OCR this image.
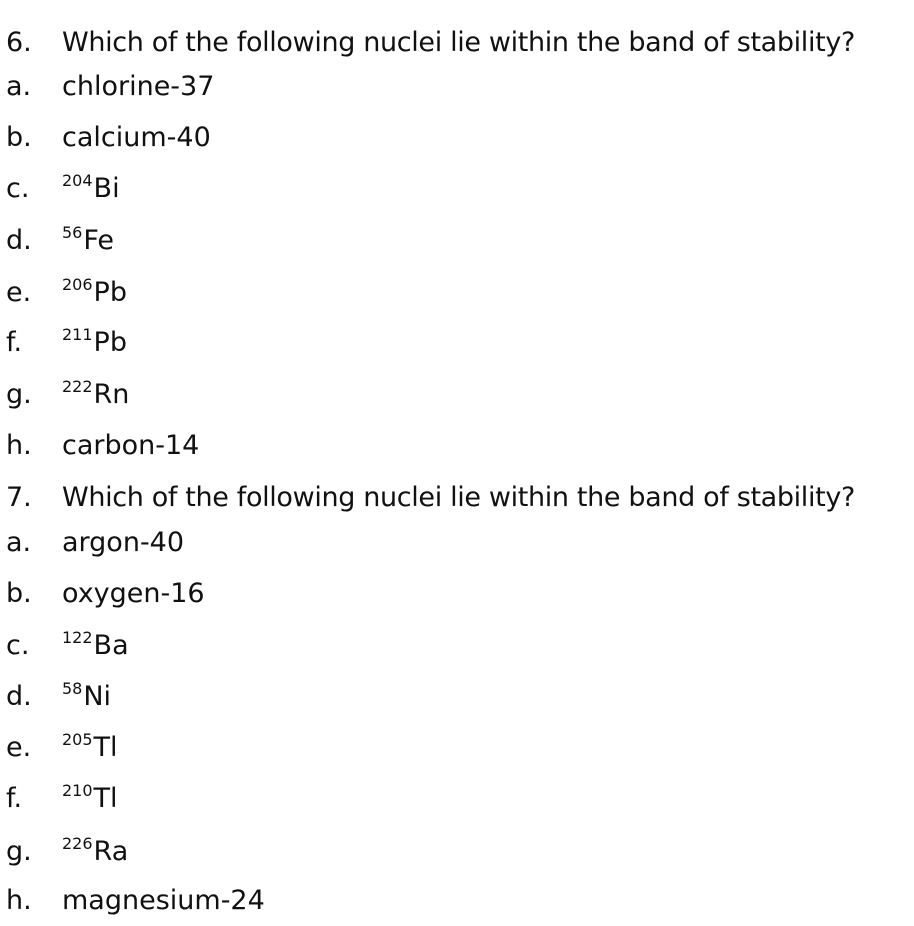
6. Which of the following nuclei lie within the band of stability?
a. chlorine-37
b. calcium-40
c. $^{204}$Bi
d. $^{56}$Fe
e. $^{206}$Pb
f. $^{211}$Pb
g. $^{222}$Rn
h. carbon-14
7. Which of the following nuclei lie within the band of stability?
a. argon-40
b. oxygen-16
c. $^{122}$Ba
d. $^{58}$Ni
e. $^{205}$Tl
f. $^{210}$Tl
g. $^{226}$Ra
h. magnesium-24
